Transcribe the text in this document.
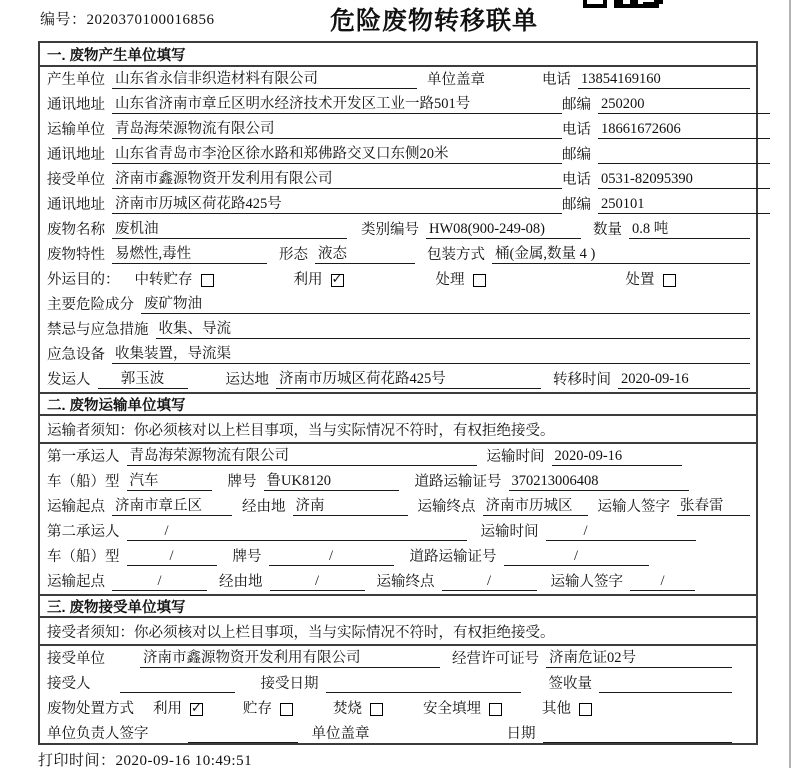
编号：2020370100016856	危险废物转移联单
一. 废物产生单位填写
产生单位 山东省永信非织造材料有限公司	单位盖章	电话 13854169160
通讯地址 山东省济南市章丘区明水经济技术开发区工业一路501号	邮编 250200
运输单位 青岛海荣源物流有限公司	电话 18661672606
通讯地址 山东省青岛市李沧区徐水路和郑佛路交叉口东侧20米	邮编
接受单位 济南市鑫源物资开发利用有限公司	电话 0531-82095390
通讯地址 济南市历城区荷花路425号	邮编 250101
废物名称 废机油	类别编号 HW08(900-249-08)	数量 0.8 吨
废物特性 易燃性,毒性	形态 液态	包装方式 桶(金属,数量 4 )
外运目的：	中转贮存	利用 ✓	处理	处置
主要危险成分 废矿物油
禁忌与应急措施 收集、导流
应急设备 收集装置，导流渠
发运人	郭玉波	运达地 济南市历城区荷花路425号	转移时间 2020-09-16
二. 废物运输单位填写
运输者须知：你必须核对以上栏目事项，当与实际情况不符时，有权拒绝接受。
第一承运人 青岛海荣源物流有限公司	运输时间 2020-09-16
车（船）型 汽车	牌号 鲁UK8120	道路运输证号 370213006408
运输起点 济南市章丘区	经由地 济南	运输终点 济南市历城区	运输人签字 张春雷
第二承运人	/	运输时间	/
车（船）型	/	牌号	/	道路运输证号	/
运输起点	/	经由地	/	运输终点	/	运输人签字	/
三. 废物接受单位填写
接受者须知：你必须核对以上栏目事项，当与实际情况不符时，有权拒绝接受。
接受单位	济南市鑫源物资开发利用有限公司	经营许可证号 济南危证02号
接受人	接受日期	签收量
废物处置方式	利用 ✓	贮存	焚烧	安全填埋	其他
单位负责人签字	单位盖章	日期
打印时间：2020-09-16 10:49:51
